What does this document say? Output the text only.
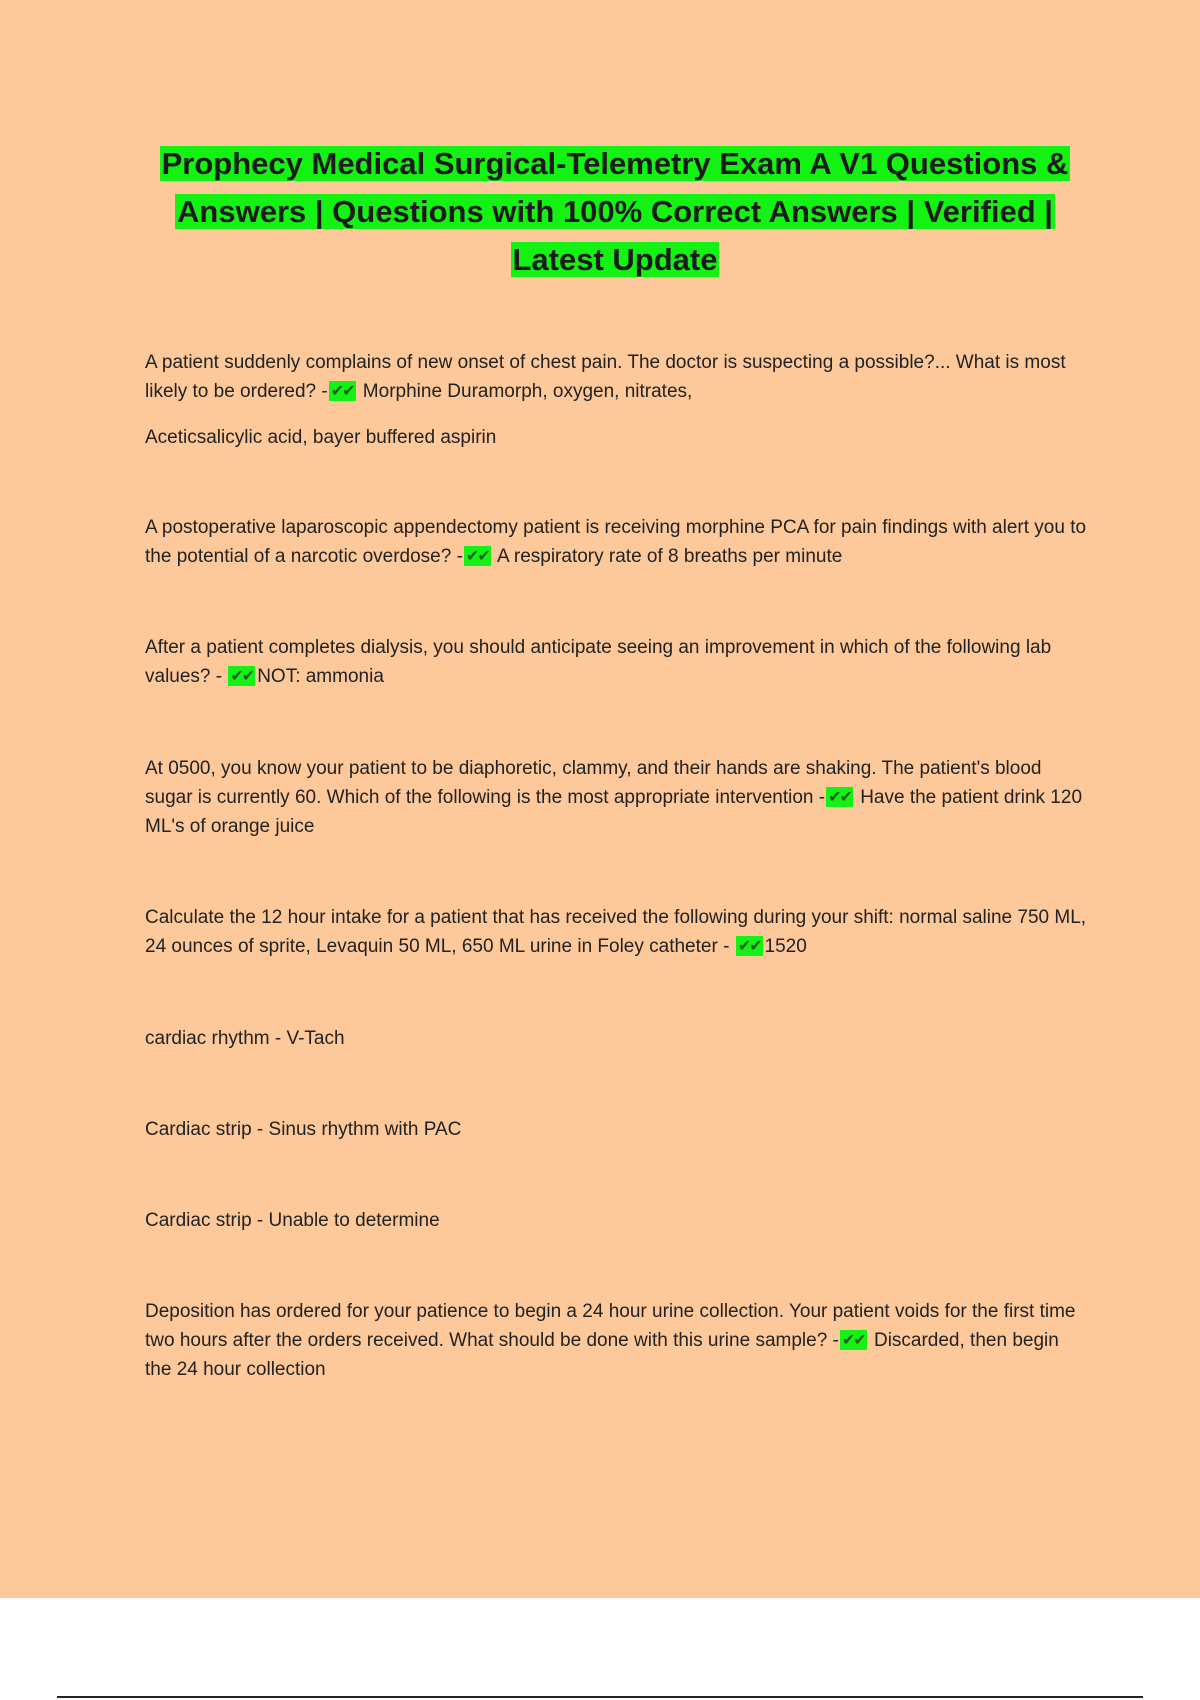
Prophecy Medical Surgical-Telemetry Exam A V1 Questions & Answers | Questions with 100% Correct Answers | Verified | Latest Update

A patient suddenly complains of new onset of chest pain. The doctor is suspecting a possible?... What is most likely to be ordered? - ✔✔ Morphine Duramorph, oxygen, nitrates,

Aceticsalicylic acid, bayer buffered aspirin

A postoperative laparoscopic appendectomy patient is receiving morphine PCA for pain findings with alert you to the potential of a narcotic overdose? - ✔✔ A respiratory rate of 8 breaths per minute

After a patient completes dialysis, you should anticipate seeing an improvement in which of the following lab values? - ✔✔ NOT: ammonia

At 0500, you know your patient to be diaphoretic, clammy, and their hands are shaking. The patient's blood sugar is currently 60. Which of the following is the most appropriate intervention - ✔✔ Have the patient drink 120 ML's of orange juice

Calculate the 12 hour intake for a patient that has received the following during your shift: normal saline 750 ML, 24 ounces of sprite, Levaquin 50 ML, 650 ML urine in Foley catheter - ✔✔ 1520

cardiac rhythm - V-Tach

Cardiac strip - Sinus rhythm with PAC

Cardiac strip - Unable to determine

Deposition has ordered for your patience to begin a 24 hour urine collection. Your patient voids for the first time two hours after the orders received. What should be done with this urine sample? - ✔✔ Discarded, then begin the 24 hour collection
